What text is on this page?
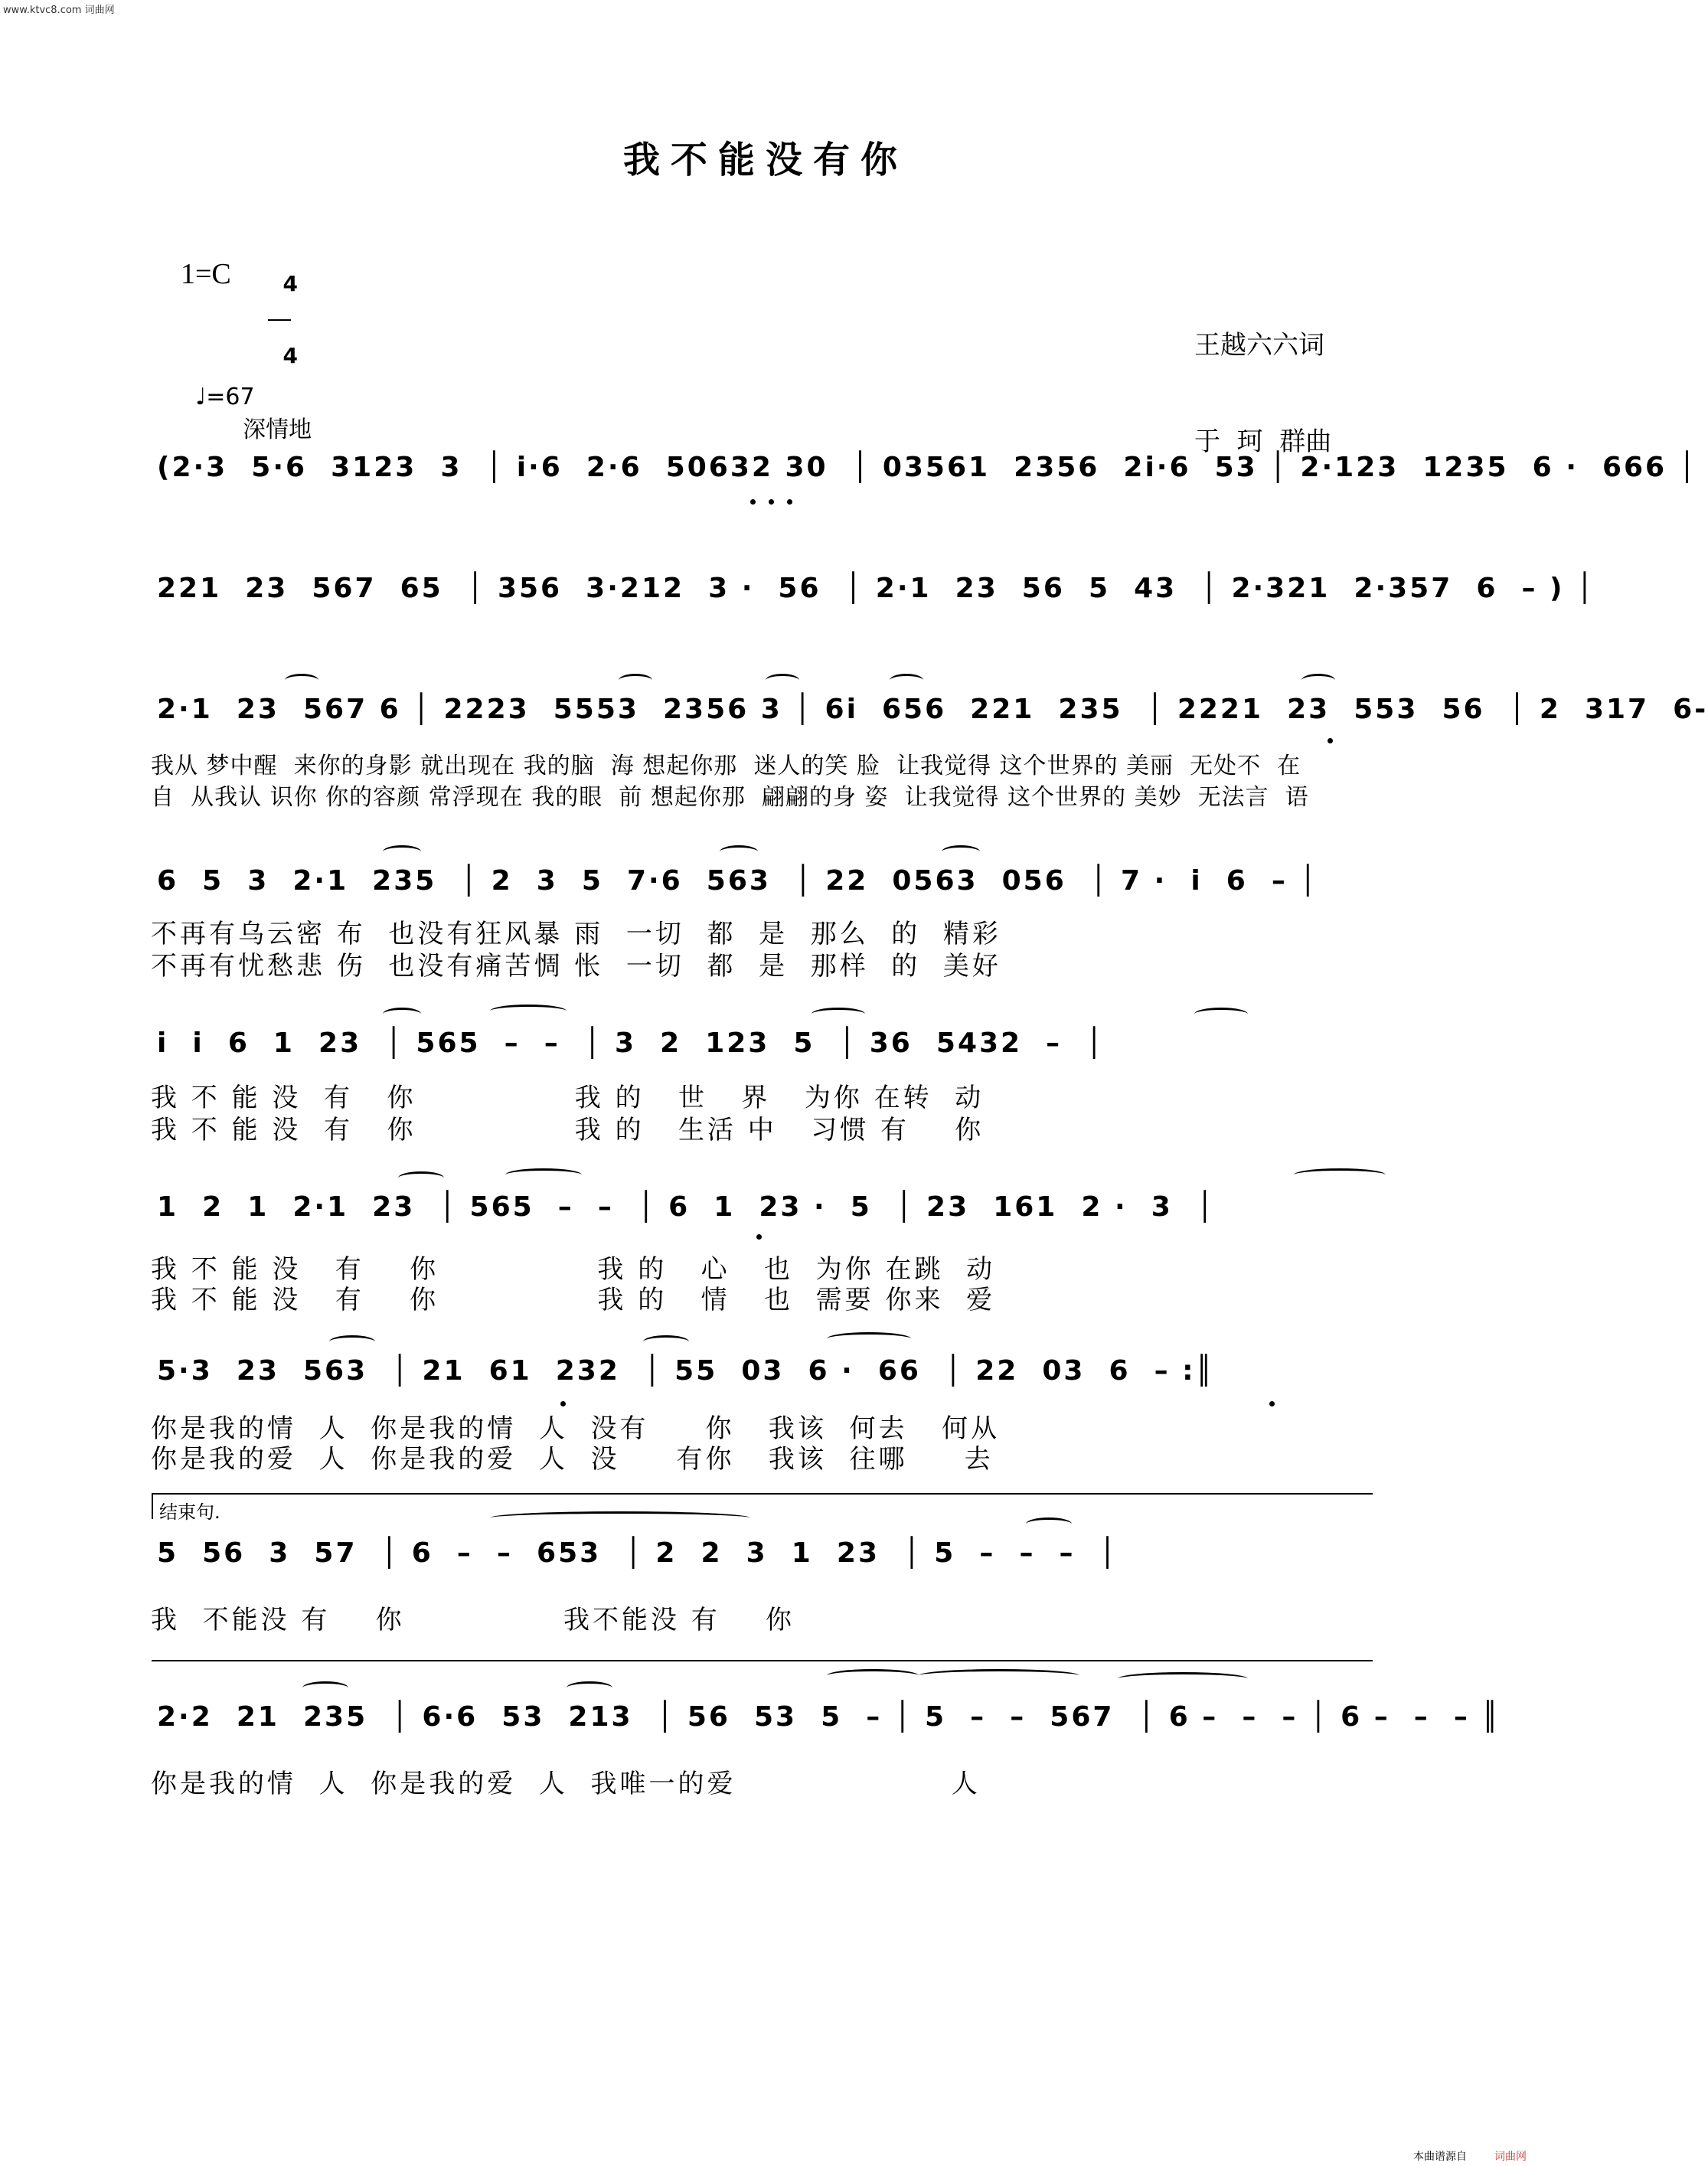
www.ktvc8.com 词曲网
我不能没有你
1=C	4

4

	王越六六词

于  珂  群曲

♩=67
深情地

(2·3  5·6  3123  3  │ i·6  2·6  50632 30  │ 03561  2356  2i·6  53 │ 2·123  1235  6 ·  666 │
221  23  567  65  │ 356  3·212  3 ·  56  │ 2·1  23  56  5  43  │ 2·321  2·357  6  – ) │
2·1  23  567 6 │ 2223  5553  2356 3 │ 6i  656  221  235  │ 2221  23  553  56  │ 2  317  6-
我从 梦中醒  来你的身影 就出现在 我的脑  海 想起你那  迷人的笑 脸  让我觉得 这个世界的 美丽  无处不  在
自  从我认 识你 你的容颜 常浮现在 我的眼  前 想起你那  翩翩的身 姿  让我觉得 这个世界的 美妙  无法言  语
6  5  3  2·1  235  │ 2  3  5  7·6  563  │ 22  0563  056  │ 7 ·  i  6  – │
不再有乌云密 布  也没有狂风暴 雨  一切  都  是  那么  的  精彩
不再有忧愁悲 伤  也没有痛苦惆 怅  一切  都  是  那样  的  美好
i  i  6  1  23  │ 565  –  –  │ 3  2  123  5  │ 36  5432  –  │
我 不 能 没  有   你              我 的   世   界   为你 在转  动
我 不 能 没  有   你              我 的   生活 中   习惯 有    你
1  2  1  2·1  23  │ 565  –  –  │ 6  1  23 ·  5  │ 23  161  2 ·  3  │
我 不 能 没   有    你              我 的   心   也  为你 在跳  动
我 不 能 没   有    你              我 的   情   也  需要 你来  爱
5·3  23  563  │ 21  61  232  │ 55  03  6 ·  66  │ 22  03  6  – :║
你是我的情  人  你是我的情  人  没有     你   我该  何去   何从
你是我的爱  人  你是我的爱  人  没     有你   我该  往哪     去
结束句.
5  56  3  57  │ 6  –  –  653  │ 2  2  3  1  23  │ 5  –  –  –  │
我  不能没 有    你              我不能没 有    你
2·2  21  235  │ 6·6  53  213  │ 56  53  5  – │ 5  –  –  567  │ 6 –  –  – │ 6 –  –  – ║
你是我的情  人  你是我的爱  人  我唯一的爱                   人
本曲谱源自	词曲网
